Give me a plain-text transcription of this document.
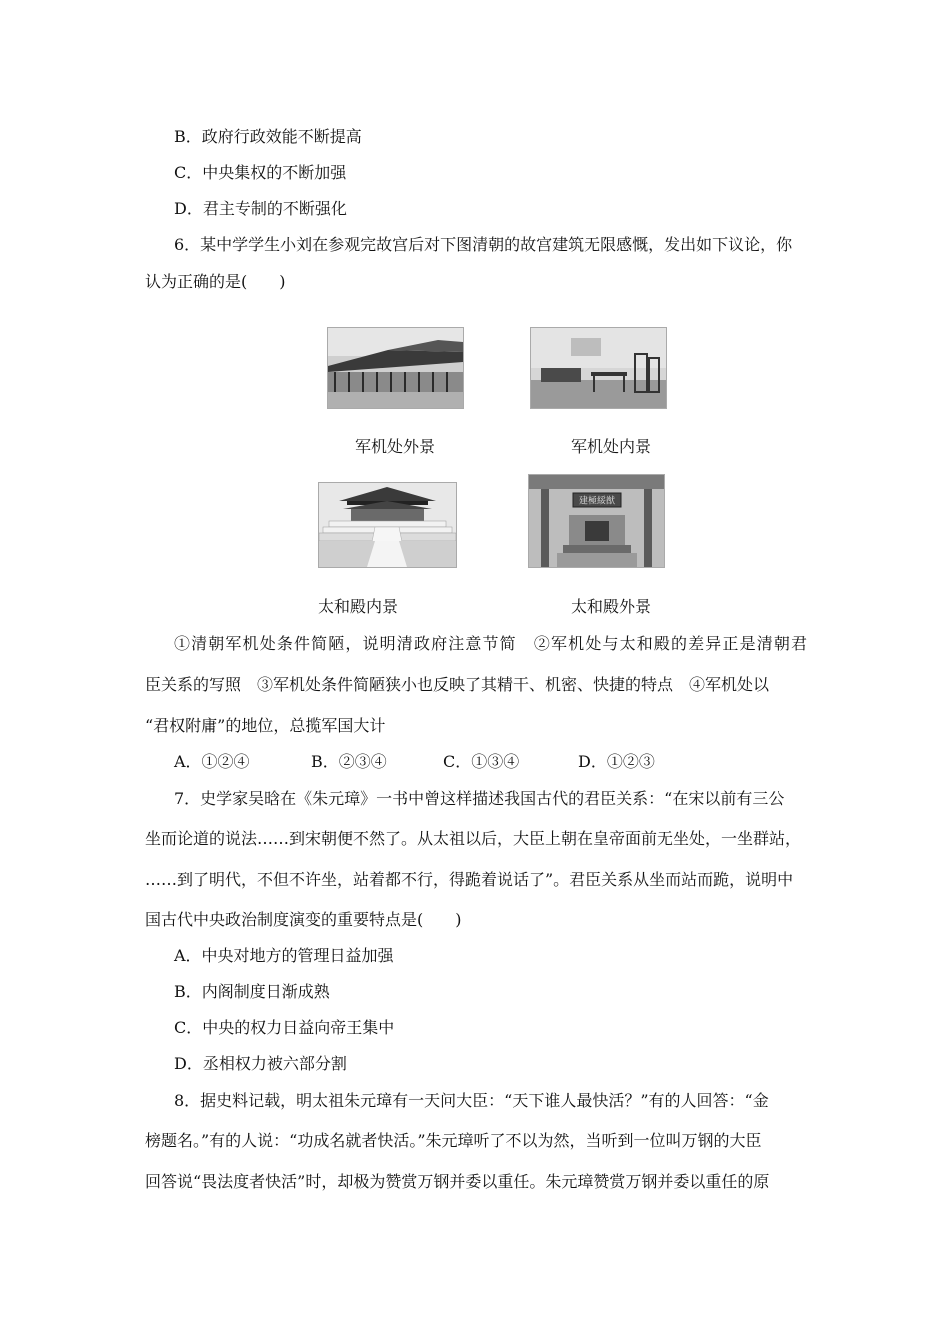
B．政府行政效能不断提高
C．中央集权的不断加强
D．君主专制的不断强化
6．某中学学生小刘在参观完故宫后对下图清朝的故宫建筑无限感慨，发出如下议论，你
认为正确的是(　　)
军机处外景	军机处内景
建極綏猷
太和殿内景	太和殿外景
①清朝军机处条件简陋，说明清政府注意节简　②军机处与太和殿的差异正是清朝君
臣关系的写照　③军机处条件简陋狭小也反映了其精干、机密、快捷的特点　④军机处以
“君权附庸”的地位，总揽军国大计
A．①②④	B．②③④	C．①③④	D．①②③
7．史学家吴晗在《朱元璋》一书中曾这样描述我国古代的君臣关系：“在宋以前有三公
坐而论道的说法……到宋朝便不然了。从太祖以后，大臣上朝在皇帝面前无坐处，一坐群站，
……到了明代，不但不许坐，站着都不行，得跪着说话了”。君臣关系从坐而站而跪，说明中
国古代中央政治制度演变的重要特点是(　　)
A．中央对地方的管理日益加强
B．内阁制度日渐成熟
C．中央的权力日益向帝王集中
D．丞相权力被六部分割
8．据史料记载，明太祖朱元璋有一天问大臣：“天下谁人最快活？”有的人回答：“金
榜题名。”有的人说：“功成名就者快活。”朱元璋听了不以为然，当听到一位叫万钢的大臣
回答说“畏法度者快活”时，却极为赞赏万钢并委以重任。朱元璋赞赏万钢并委以重任的原
